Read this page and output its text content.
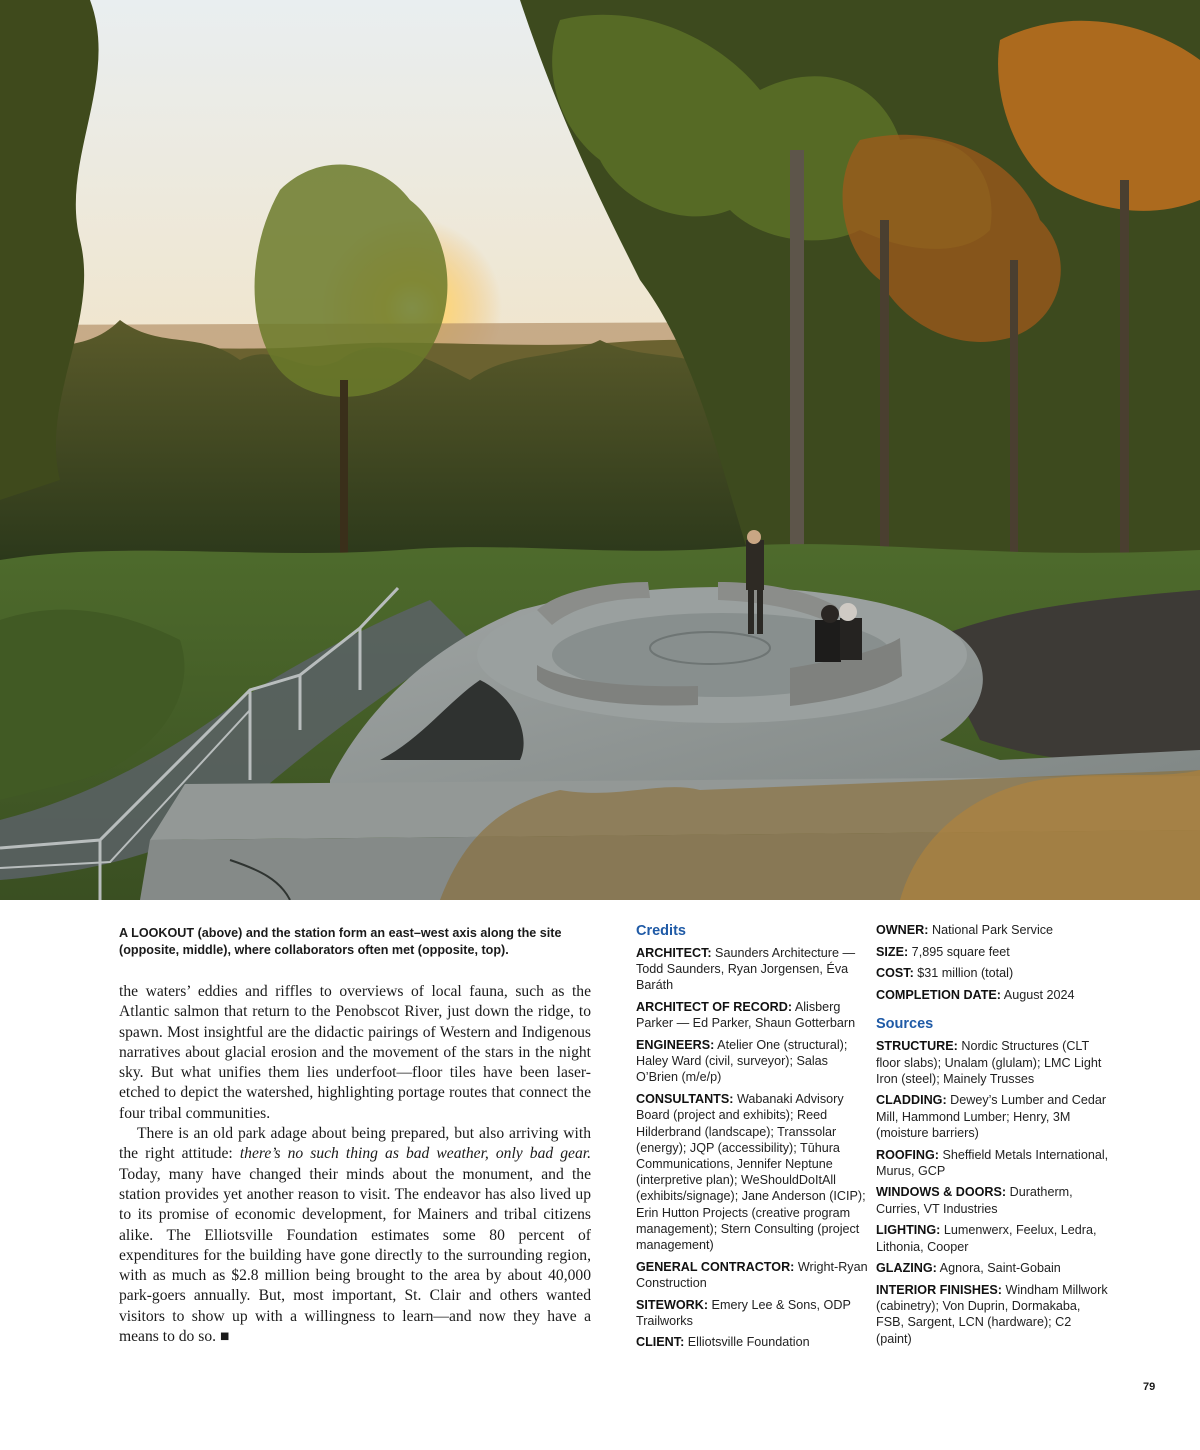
A LOOKOUT (above) and the station form an east–west axis along the site (opposite, middle), where collaborators often met (opposite, top).

the waters’ eddies and riffles to overviews of local fauna, such as the Atlantic salmon that return to the Penobscot River, just down the ridge, to spawn. Most insightful are the didactic pairings of Western and Indigenous narratives about glacial erosion and the movement of the stars in the night sky. But what unifies them lies underfoot—floor tiles have been laser-etched to depict the watershed, highlighting portage routes that connect the four tribal communities.

There is an old park adage about being prepared, but also arriving with the right attitude: there’s no such thing as bad weather, only bad gear. Today, many have changed their minds about the monument, and the station provides yet another reason to visit. The endeavor has also lived up to its promise of economic development, for Mainers and tribal citizens alike. The Elliotsville Foundation estimates some 80 percent of expenditures for the building have gone directly to the surrounding region, with as much as $2.8 million being brought to the area by about 40,000 park-goers annually. But, most important, St. Clair and others wanted visitors to show up with a willingness to learn—and now they have a means to do so. ■

Credits
ARCHITECT: Saunders Architecture — Todd Saunders, Ryan Jorgensen, Éva Baráth
ARCHITECT OF RECORD: Alisberg Parker — Ed Parker, Shaun Gotterbarn
ENGINEERS: Atelier One (structural); Haley Ward (civil, surveyor); Salas O’Brien (m/e/p)
CONSULTANTS: Wabanaki Advisory Board (project and exhibits); Reed Hilderbrand (landscape); Transsolar (energy); JQP (accessibility); Tūhura Communications, Jennifer Neptune (interpretive plan); WeShouldDoItAll (exhibits/signage); Jane Anderson (ICIP); Erin Hutton Projects (creative program management); Stern Consulting (project management)
GENERAL CONTRACTOR: Wright-Ryan Construction
SITEWORK: Emery Lee & Sons, ODP Trailworks
CLIENT: Elliotsville Foundation
OWNER: National Park Service
SIZE: 7,895 square feet
COST: $31 million (total)
COMPLETION DATE: August 2024
Sources
STRUCTURE: Nordic Structures (CLT floor slabs); Unalam (glulam); LMC Light Iron (steel); Mainely Trusses
CLADDING: Dewey’s Lumber and Cedar Mill, Hammond Lumber; Henry, 3M (moisture barriers)
ROOFING: Sheffield Metals International, Murus, GCP
WINDOWS & DOORS: Duratherm, Curries, VT Industries
LIGHTING: Lumenwerx, Feelux, Ledra, Lithonia, Cooper
GLAZING: Agnora, Saint-Gobain
INTERIOR FINISHES: Windham Millwork (cabinetry); Von Duprin, Dormakaba, FSB, Sargent, LCN (hardware); C2 (paint)
79
